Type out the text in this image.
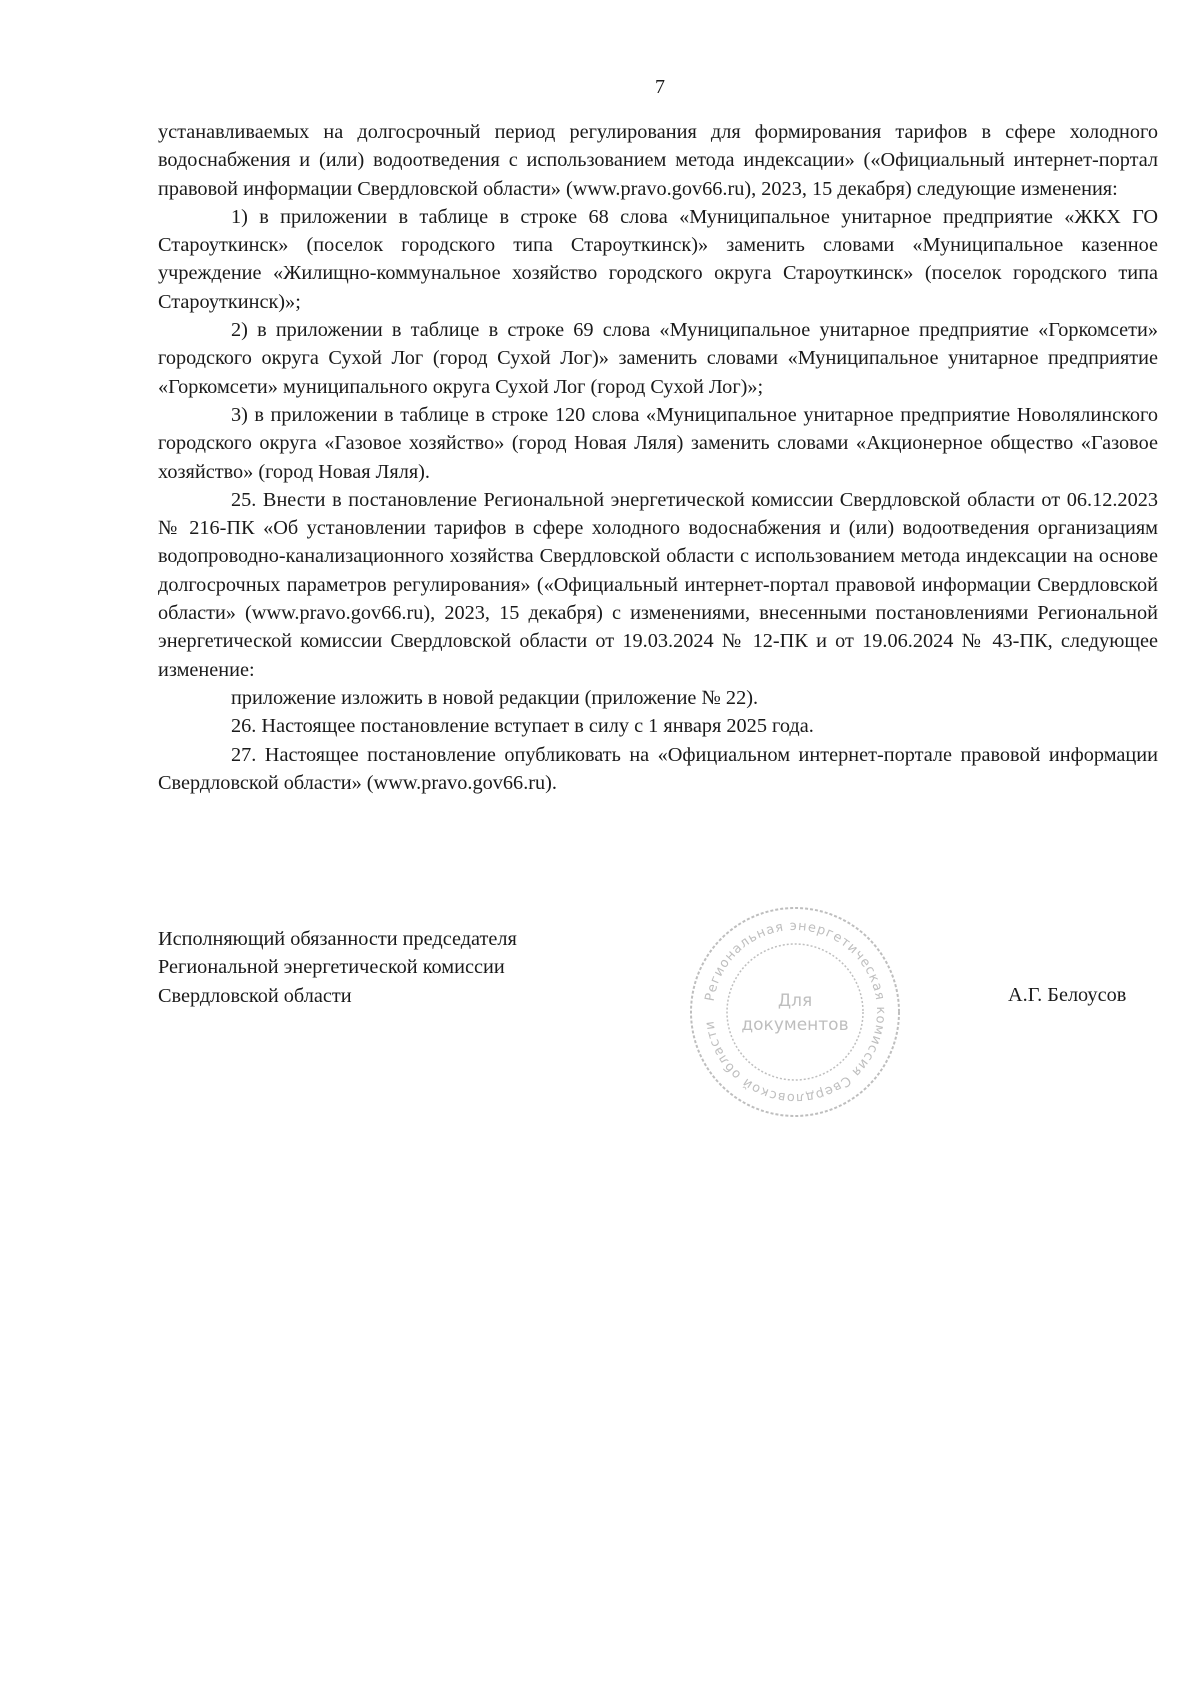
7

устанавливаемых на долгосрочный период регулирования для формирования тарифов в сфере холодного водоснабжения и (или) водоотведения с использованием метода индексации» («Официальный интернет-портал правовой информации Свердловской области» (www.pravo.gov66.ru), 2023, 15 декабря) следующие изменения:

1) в приложении в таблице в строке 68 слова «Муниципальное унитарное предприятие «ЖКХ ГО Староуткинск» (поселок городского типа Староуткинск)» заменить словами «Муниципальное казенное учреждение «Жилищно-коммунальное хозяйство городского округа Староуткинск» (поселок городского типа Староуткинск)»;

2) в приложении в таблице в строке 69 слова «Муниципальное унитарное предприятие «Горкомсети» городского округа Сухой Лог (город Сухой Лог)» заменить словами «Муниципальное унитарное предприятие «Горкомсети» муниципального округа Сухой Лог (город Сухой Лог)»;

3) в приложении в таблице в строке 120 слова «Муниципальное унитарное предприятие Новолялинского городского округа «Газовое хозяйство» (город Новая Ляля) заменить словами «Акционерное общество «Газовое хозяйство» (город Новая Ляля).

25. Внести в постановление Региональной энергетической комиссии Свердловской области от 06.12.2023 № 216-ПК «Об установлении тарифов в сфере холодного водоснабжения и (или) водоотведения организациям водопроводно-канализационного хозяйства Свердловской области с использованием метода индексации на основе долгосрочных параметров регулирования» («Официальный интернет-портал правовой информации Свердловской области» (www.pravo.gov66.ru), 2023, 15 декабря) с изменениями, внесенными постановлениями Региональной энергетической комиссии Свердловской области от 19.03.2024 № 12-ПК и от 19.06.2024 № 43-ПК, следующее изменение:

приложение изложить в новой редакции (приложение № 22).

26. Настоящее постановление вступает в силу с 1 января 2025 года.

27. Настоящее постановление опубликовать на «Официальном интернет-портале правовой информации Свердловской области» (www.pravo.gov66.ru).

Исполняющий обязанности председателя
Региональной энергетической комиссии
Свердловской области	Региональная энергетическая комиссия Свердловской области
Для
документов
А.Г. Белоусов
